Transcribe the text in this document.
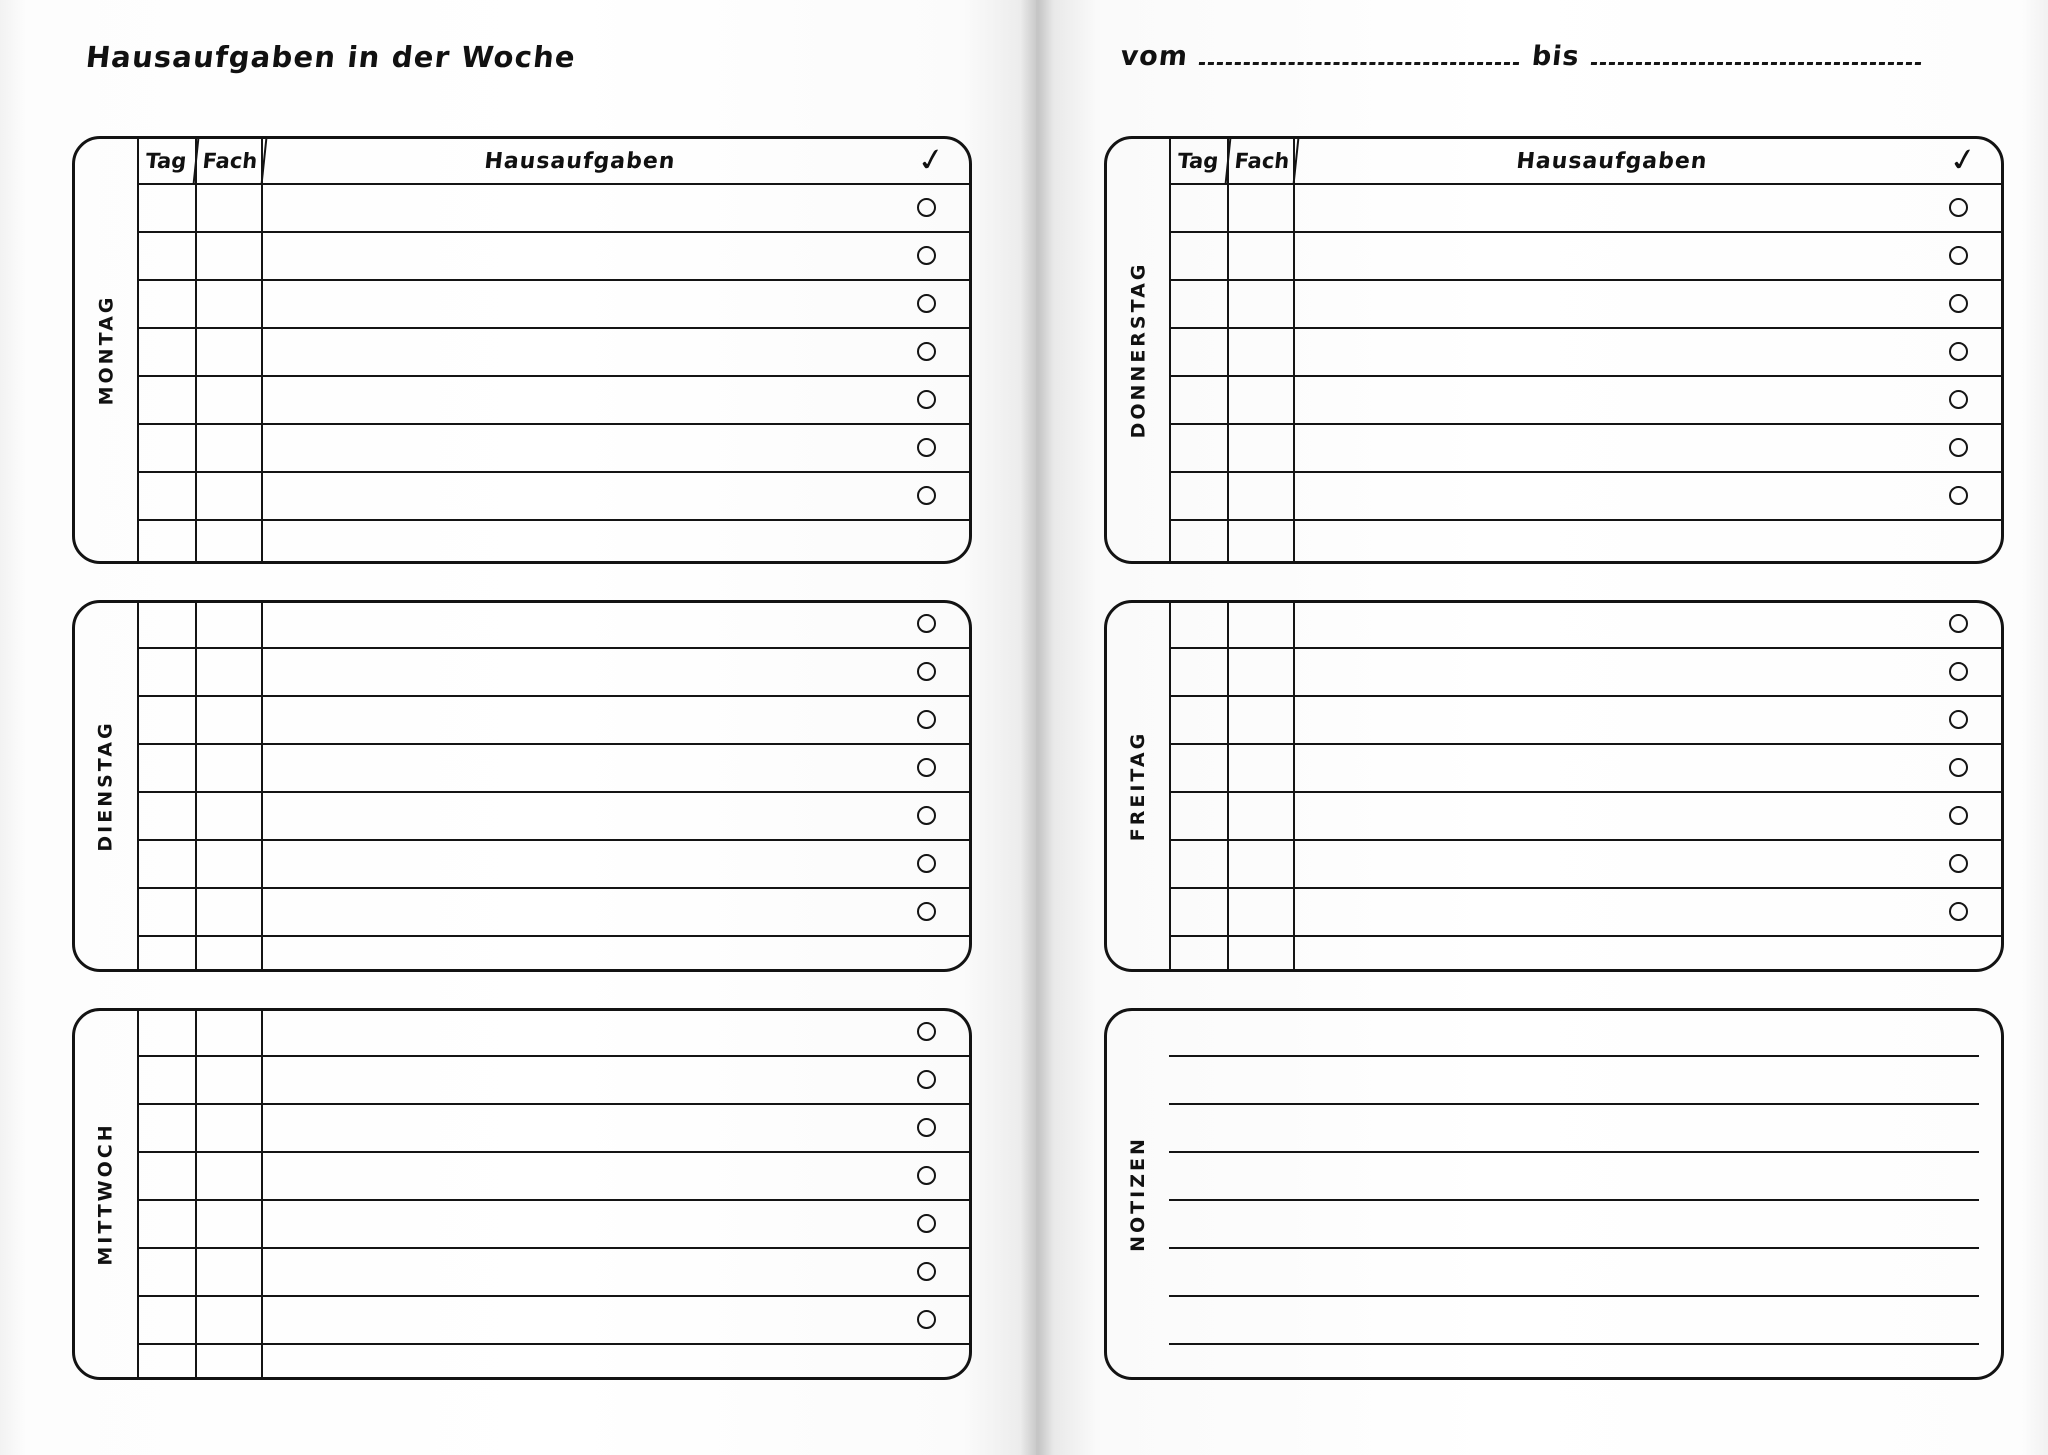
Hausaufgaben in der Woche	vom	bis
MONTAG
Tag Fach	Hausaufgaben	✓
DIENSTAG
MITTWOCH
DONNERSTAG
Tag Fach	Hausaufgaben	✓
FREITAG
NOTIZEN
